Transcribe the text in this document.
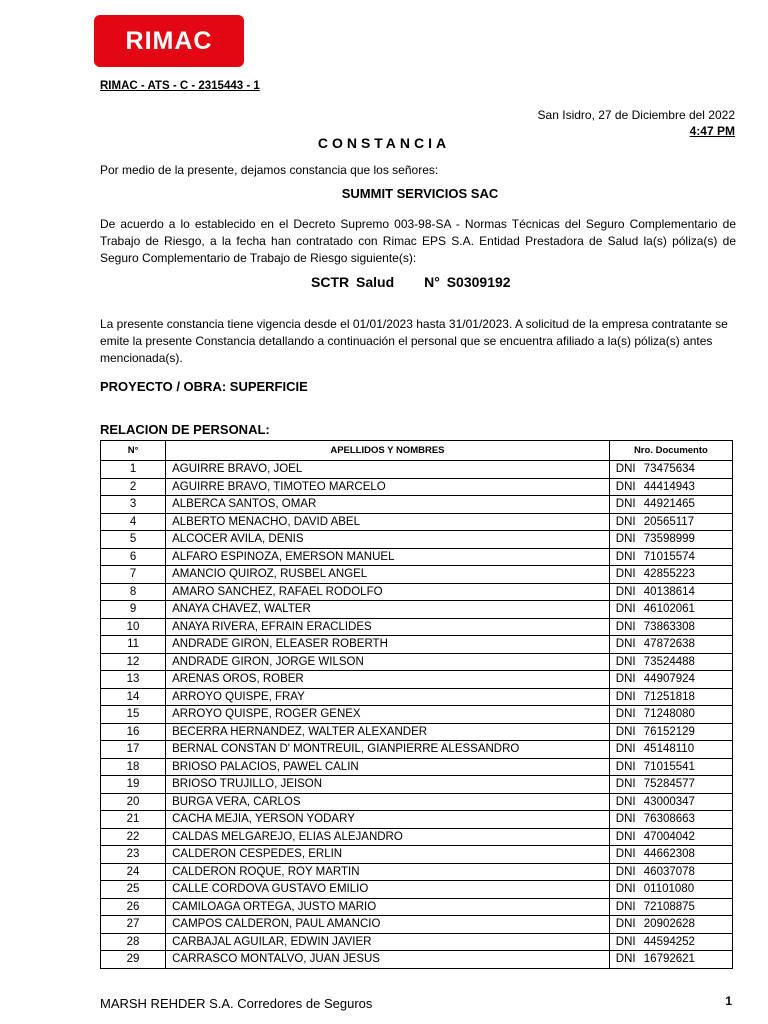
RIMAC
RIMAC - ATS - C - 2315443 - 1
San Isidro, 27 de Diciembre del 2022
4:47 PM
CONSTANCIA
Por medio de la presente, dejamos constancia que los señores:
SUMMIT SERVICIOS SAC
De acuerdo a lo establecido en el Decreto Supremo 003-98-SA - Normas Técnicas del Seguro Complementario de Trabajo de Riesgo, a la fecha han contratado con Rimac EPS S.A. Entidad Prestadora de Salud la(s) póliza(s) de Seguro Complementario de Trabajo de Riesgo siguiente(s):
SCTR Salud N° S0309192
La presente constancia tiene vigencia desde el 01/01/2023 hasta 31/01/2023. A solicitud de la empresa contratante se emite la presente Constancia detallando a continuación el personal que se encuentra afiliado a la(s) póliza(s) antes mencionada(s).
PROYECTO / OBRA: SUPERFICIE
RELACION DE PERSONAL:
N°	APELLIDOS Y NOMBRES	Nro. Documento
1	AGUIRRE BRAVO, JOEL	DNI 73475634
2	AGUIRRE BRAVO, TIMOTEO MARCELO	DNI 44414943
3	ALBERCA SANTOS, OMAR	DNI 44921465
4	ALBERTO MENACHO, DAVID ABEL	DNI 20565117
5	ALCOCER AVILA, DENIS	DNI 73598999
6	ALFARO ESPINOZA, EMERSON MANUEL	DNI 71015574
7	AMANCIO QUIROZ, RUSBEL ANGEL	DNI 42855223
8	AMARO SANCHEZ, RAFAEL RODOLFO	DNI 40138614
9	ANAYA CHAVEZ, WALTER	DNI 46102061
10	ANAYA RIVERA, EFRAIN ERACLIDES	DNI 73863308
11	ANDRADE GIRON, ELEASER ROBERTH	DNI 47872638
12	ANDRADE GIRON, JORGE WILSON	DNI 73524488
13	ARENAS OROS, ROBER	DNI 44907924
14	ARROYO QUISPE, FRAY	DNI 71251818
15	ARROYO QUISPE, ROGER GENEX	DNI 71248080
16	BECERRA HERNANDEZ, WALTER ALEXANDER	DNI 76152129
17	BERNAL CONSTAN D' MONTREUIL, GIANPIERRE ALESSANDRO	DNI 45148110
18	BRIOSO PALACIOS, PAWEL CALIN	DNI 71015541
19	BRIOSO TRUJILLO, JEISON	DNI 75284577
20	BURGA VERA, CARLOS	DNI 43000347
21	CACHA MEJIA, YERSON YODARY	DNI 76308663
22	CALDAS MELGAREJO, ELIAS ALEJANDRO	DNI 47004042
23	CALDERON CESPEDES, ERLIN	DNI 44662308
24	CALDERON ROQUE, ROY MARTIN	DNI 46037078
25	CALLE CORDOVA GUSTAVO EMILIO	DNI 01101080
26	CAMILOAGA ORTEGA, JUSTO MARIO	DNI 72108875
27	CAMPOS CALDERON, PAUL AMANCIO	DNI 20902628
28	CARBAJAL AGUILAR, EDWIN JAVIER	DNI 44594252
29	CARRASCO MONTALVO, JUAN JESUS	DNI 16792621
MARSH REHDER S.A. Corredores de Seguros	1
